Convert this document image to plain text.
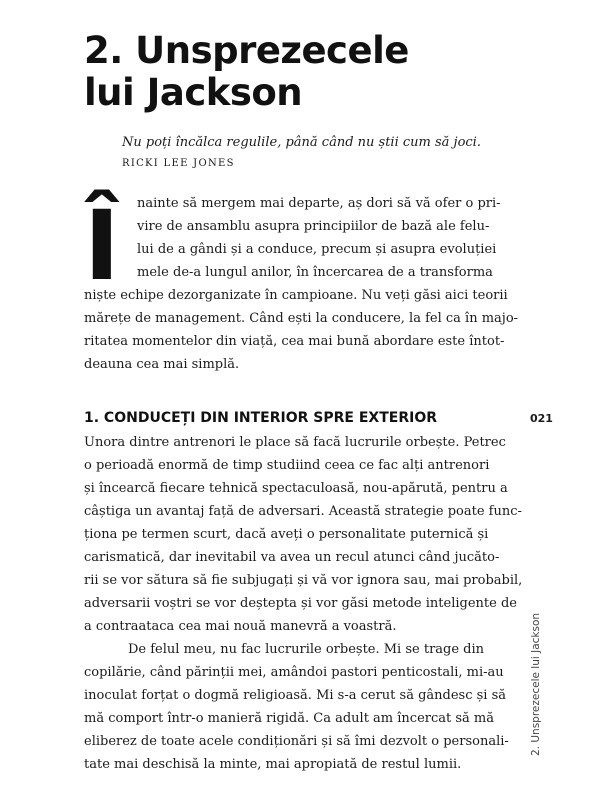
2. Unsprezecele
lui Jackson
Nu poți încălca regulile, până când nu știi cum să joci.
RICKI LEE JONES
Î	nainte să mergem mai departe, aș dori să vă ofer o pri-
vire de ansamblu asupra principiilor de bază ale felu-
lui de a gândi și a conduce, precum și asupra evoluției
mele de-a lungul anilor, în încercarea de a transforma
niște echipe dezorganizate în campioane. Nu veți găsi aici teorii
mărețe de management. Când ești la conducere, la fel ca în majo-
ritatea momentelor din viață, cea mai bună abordare este întot-
deauna cea mai simplă.
1. CONDUCEȚI DIN INTERIOR SPRE EXTERIOR	021
Unora dintre antrenori le place să facă lucrurile orbește. Petrec
o perioadă enormă de timp studiind ceea ce fac alți antrenori
și încearcă fiecare tehnică spectaculoasă, nou-apărută, pentru a
câștiga un avantaj față de adversari. Această strategie poate func-
ționa pe termen scurt, dacă aveți o personalitate puternică și
carismatică, dar inevitabil va avea un recul atunci când jucăto-
rii se vor sătura să fie subjugați și vă vor ignora sau, mai probabil,
adversarii voștri se vor deștepta și vor găsi metode inteligente de
a contraataca cea mai nouă manevră a voastră.
De felul meu, nu fac lucrurile orbește. Mi se trage din
copilărie, când părinții mei, amândoi pastori penticostali, mi-au
inoculat forțat o dogmă religioasă. Mi s-a cerut să gândesc și să
mă comport într-o manieră rigidă. Ca adult am încercat să mă
eliberez de toate acele condiționări și să îmi dezvolt o personali-
tate mai deschisă la minte, mai apropiată de restul lumii.
2. Unsprezecele lui Jackson
